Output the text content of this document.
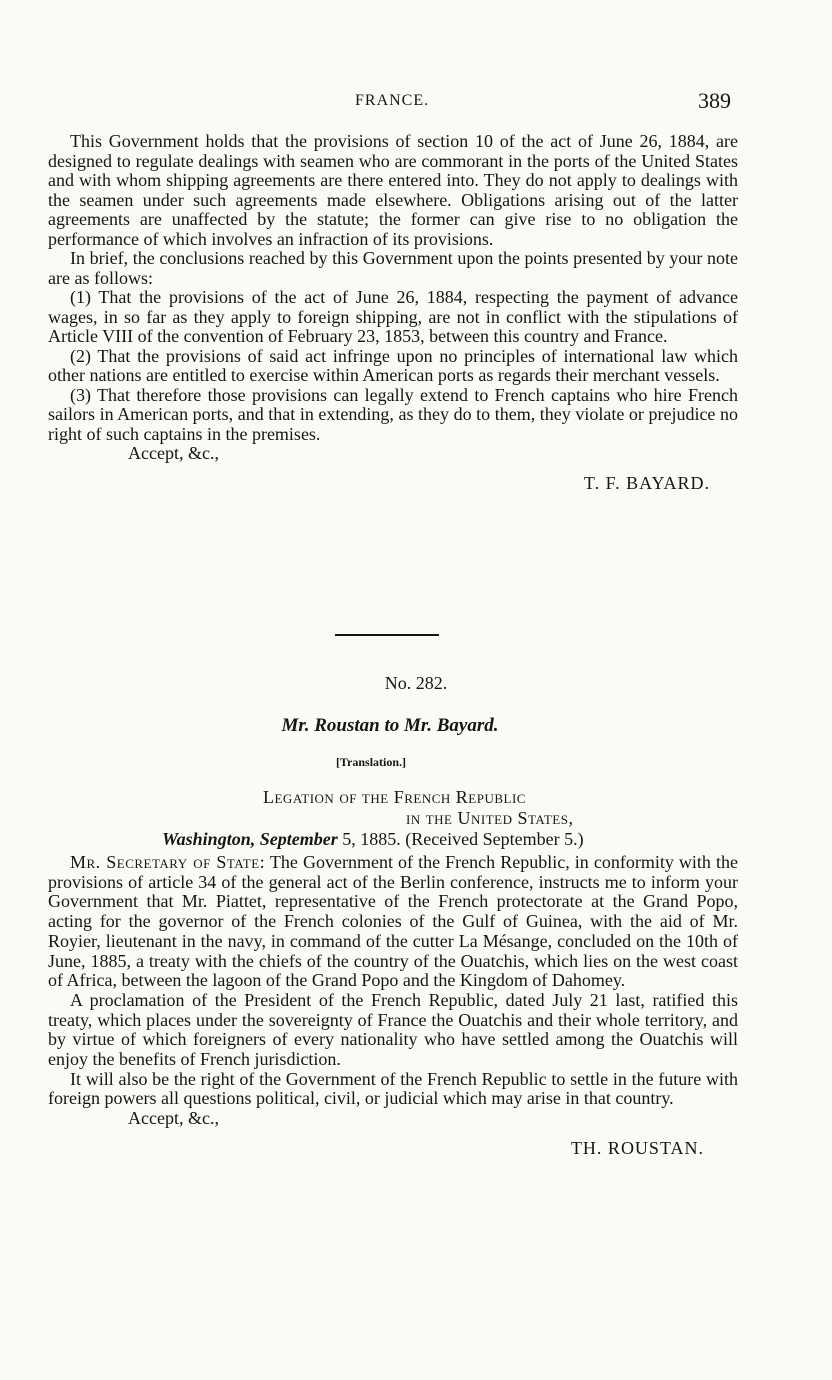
FRANCE.	389

This Government holds that the provisions of section 10 of the act of June 26, 1884, are designed to regulate dealings with seamen who are commorant in the ports of the United States and with whom shipping agreements are there entered into. They do not apply to dealings with the seamen under such agreements made elsewhere. Obligations arising out of the latter agreements are unaffected by the statute; the former can give rise to no obligation the performance of which involves an infraction of its provisions.

In brief, the conclusions reached by this Government upon the points presented by your note are as follows:

(1) That the provisions of the act of June 26, 1884, respecting the payment of advance wages, in so far as they apply to foreign shipping, are not in conflict with the stipulations of Article VIII of the convention of February 23, 1853, between this country and France.

(2) That the provisions of said act infringe upon no principles of international law which other nations are entitled to exercise within American ports as regards their merchant vessels.

(3) That therefore those provisions can legally extend to French captains who hire French sailors in American ports, and that in extending, as they do to them, they violate or prejudice no right of such captains in the premises.

Accept, &c.,

T. F. BAYARD.
No. 282.
Mr. Roustan to Mr. Bayard.
[Translation.]
Legation of the French Republic
in the United States,
Washington, September 5, 1885. (Received September 5.)

Mr. Secretary of State: The Government of the French Republic, in conformity with the provisions of article 34 of the general act of the Berlin conference, instructs me to inform your Government that Mr. Piattet, representative of the French protectorate at the Grand Popo, acting for the governor of the French colonies of the Gulf of Guinea, with the aid of Mr. Royier, lieutenant in the navy, in command of the cutter La Mésange, concluded on the 10th of June, 1885, a treaty with the chiefs of the country of the Ouatchis, which lies on the west coast of Africa, between the lagoon of the Grand Popo and the Kingdom of Dahomey.

A proclamation of the President of the French Republic, dated July 21 last, ratified this treaty, which places under the sovereignty of France the Ouatchis and their whole territory, and by virtue of which foreigners of every nationality who have settled among the Ouatchis will enjoy the benefits of French jurisdiction.

It will also be the right of the Government of the French Republic to settle in the future with foreign powers all questions political, civil, or judicial which may arise in that country.

Accept, &c.,

TH. ROUSTAN.
